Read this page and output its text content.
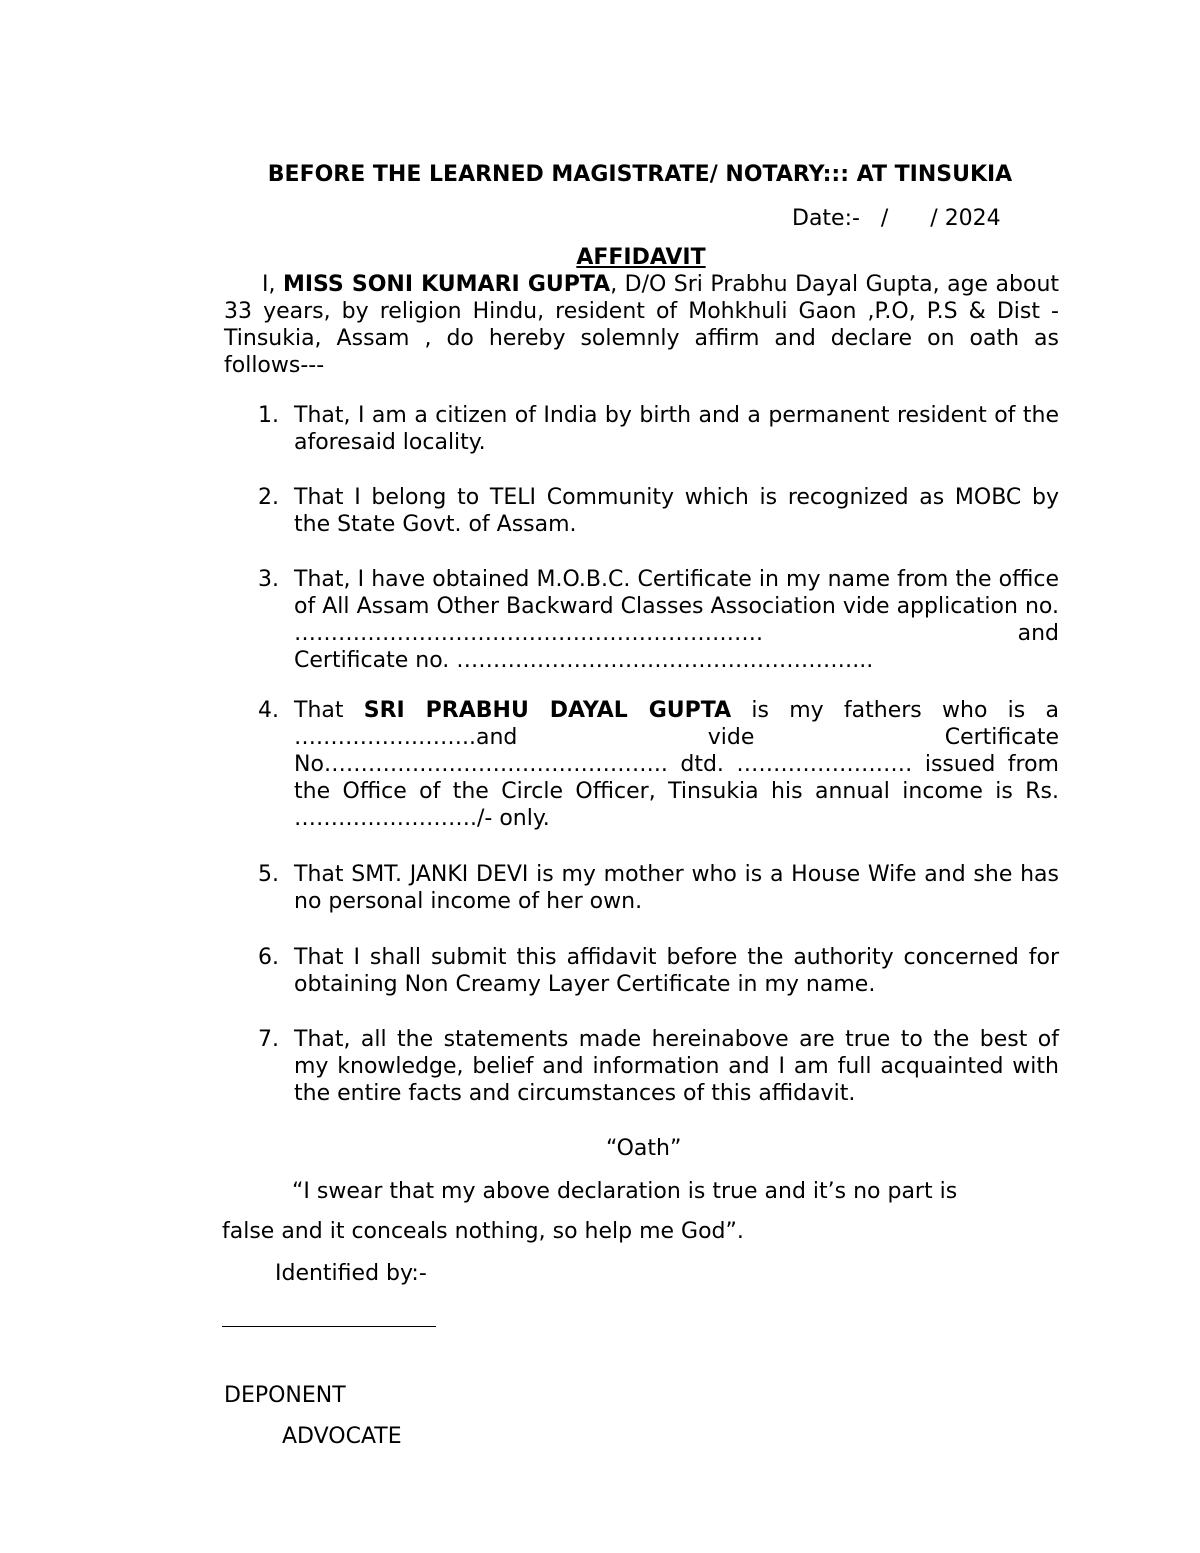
BEFORE THE LEARNED MAGISTRATE/ NOTARY::: AT TINSUKIA
Date:-   /      / 2024
AFFIDAVIT
I, MISS SONI KUMARI GUPTA, D/O Sri Prabhu Dayal Gupta, age about 33 years, by religion Hindu, resident of Mohkhuli Gaon ,P.O, P.S & Dist -Tinsukia, Assam , do hereby solemnly affirm and declare on oath as follows---
1. That, I am a citizen of India by birth and a permanent resident of the aforesaid locality.
2. That I belong to TELI Community which is recognized as MOBC by the State Govt. of Assam.
3. That, I have obtained M.O.B.C. Certificate in my name from the office of All Assam Other Backward Classes Association vide application no. ………………………………………………………. and
Certificate no. ………………………………………………...
4. That SRI PRABHU DAYAL GUPTA is my fathers who is a ….………….……..and vide Certificate No……………………………………….. dtd. …………………… issued from the Office of the Circle Officer, Tinsukia his annual income is Rs. ……………………./- only.
5. That SMT. JANKI DEVI is my mother who is a House Wife and she has no personal income of her own.
6. That I shall submit this affidavit before the authority concerned for obtaining Non Creamy Layer Certificate in my name.
7. That, all the statements made hereinabove are true to the best of my knowledge, belief and information and I am full acquainted with the entire facts and circumstances of this affidavit.
“Oath”
“I swear that my above declaration is true and it’s no part is
false and it conceals nothing, so help me God”.
Identified by:-
DEPONENT
ADVOCATE
